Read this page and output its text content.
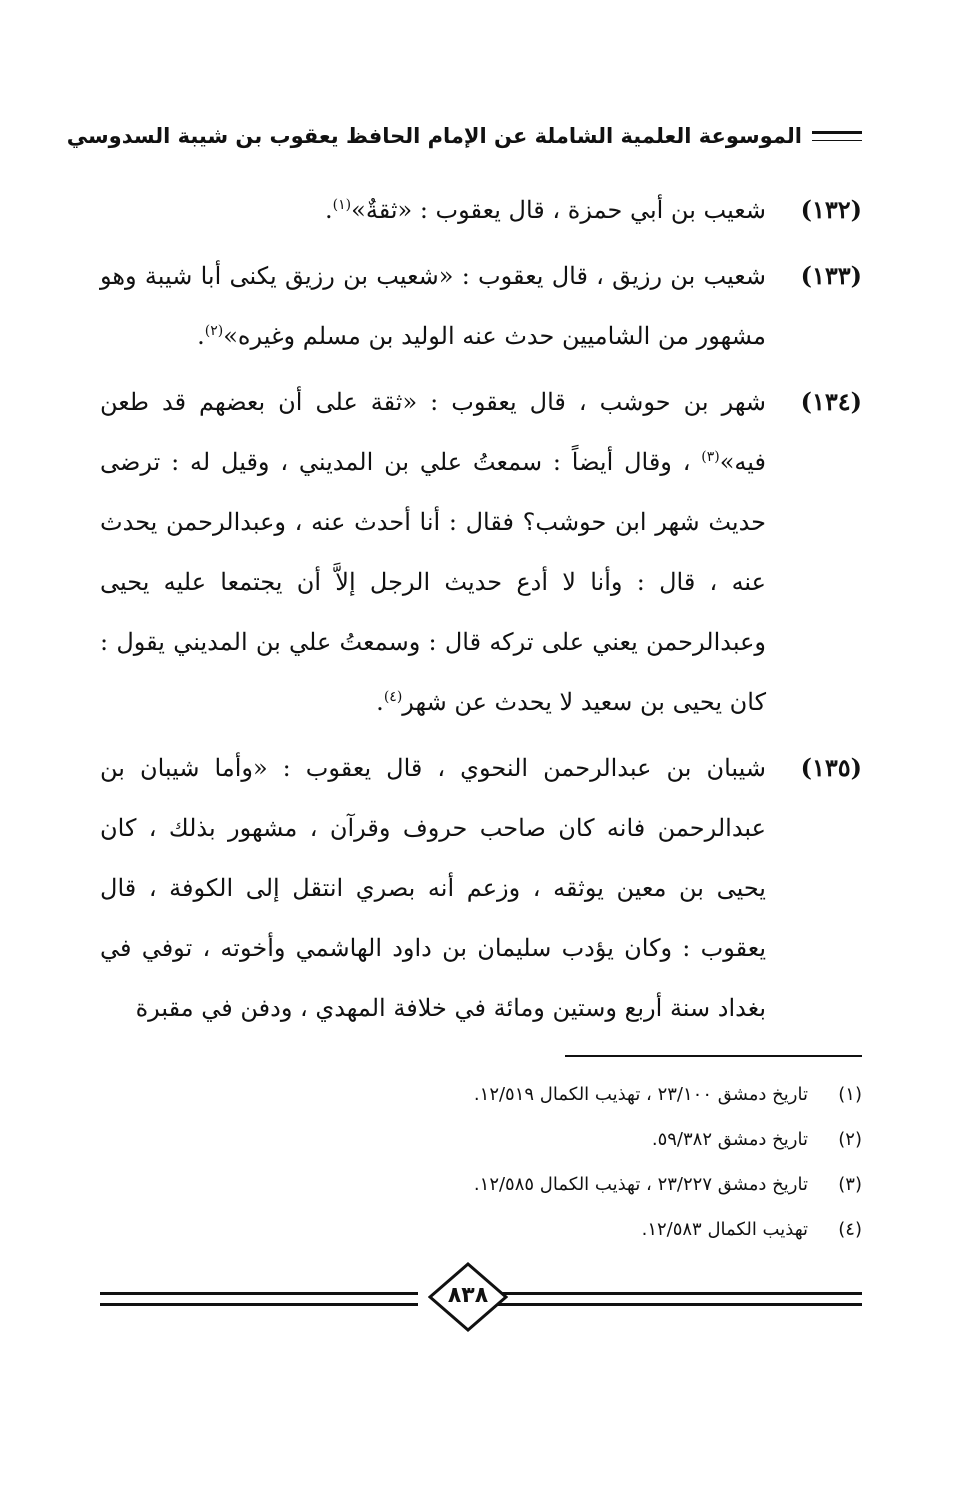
الموسوعة العلمية الشاملة عن الإمام الحافظ يعقوب بن شيبة السدوسي
(١٣٢)
شعيب بن أبي حمزة ، قال يعقوب : «ثقةٌ»$^{(١)}$.
(١٣٣)
شعيب بن رزيق ، قال يعقوب : «شعيب بن رزيق يكنى أبا شيبة وهو مشهور من الشاميين حدث عنه الوليد بن مسلم وغيره»$^{(٢)}$.
(١٣٤)
شهر بن حوشب ، قال يعقوب : «ثقة على أن بعضهم قد طعن فيه»$^{(٣)}$ ، وقال أيضاً : سمعتُ علي بن المديني ، وقيل له : ترضى حديث شهر ابن حوشب؟ فقال : أنا أحدث عنه ، وعبدالرحمن يحدث عنه ، قال : وأنا لا أدع حديث الرجل إلاَّ أن يجتمعا عليه يحيى وعبدالرحمن يعني على تركه قال : وسمعتُ علي بن المديني يقول : كان يحيى بن سعيد لا يحدث عن شهر$^{(٤)}$.
(١٣٥)
شيبان بن عبدالرحمن النحوي ، قال يعقوب : «وأما شيبان بن عبدالرحمن فانه كان صاحب حروف وقرآن ، مشهور بذلك ، كان يحيى بن معين يوثقه ، وزعم أنه بصري انتقل إلى الكوفة ، قال يعقوب : وكان يؤدب سليمان بن داود الهاشمي وأخوته ، توفي في بغداد سنة أربع وستين ومائة في خلافة المهدي ، ودفن في مقبرة
(١)
تاريخ دمشق ٢٣/١٠٠ ، تهذيب الكمال ١٢/٥١٩.
(٢)
تاريخ دمشق ٥٩/٣٨٢.
(٣)
تاريخ دمشق ٢٣/٢٢٧ ، تهذيب الكمال ١٢/٥٨٥.
(٤)
تهذيب الكمال ١٢/٥٨٣.
٨٣٨
